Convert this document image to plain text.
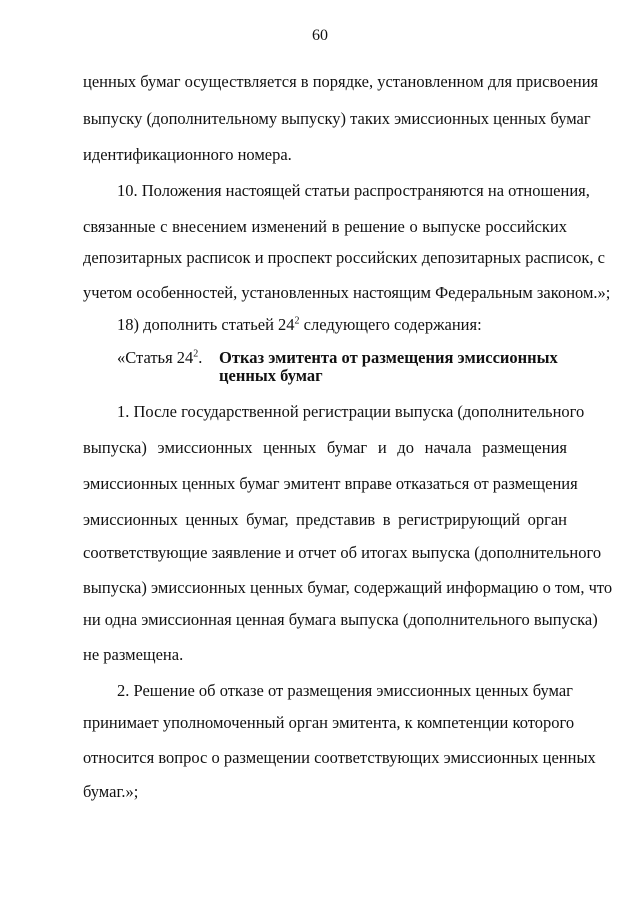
60
ценных бумаг осуществляется в порядке, установленном для присвоения
выпуску (дополнительному выпуску) таких эмиссионных ценных бумаг
идентификационного номера.
10. Положения настоящей статьи распространяются на отношения,
связанные с внесением изменений в решение о выпуске российских
депозитарных расписок и проспект российских депозитарных расписок, с
учетом особенностей, установленных настоящим Федеральным законом.»;
18) дополнить статьей $24^2$ следующего содержания:
«Статья $24^2$. Отказ эмитента от размещения эмиссионных
ценных бумаг
1. После государственной регистрации выпуска (дополнительного
выпуска) эмиссионных ценных бумаг и до начала размещения
эмиссионных ценных бумаг эмитент вправе отказаться от размещения
эмиссионных ценных бумаг, представив в регистрирующий орган
соответствующие заявление и отчет об итогах выпуска (дополнительного
выпуска) эмиссионных ценных бумаг, содержащий информацию о том, что
ни одна эмиссионная ценная бумага выпуска (дополнительного выпуска)
не размещена.
2. Решение об отказе от размещения эмиссионных ценных бумаг
принимает уполномоченный орган эмитента, к компетенции которого
относится вопрос о размещении соответствующих эмиссионных ценных
бумаг.»;
